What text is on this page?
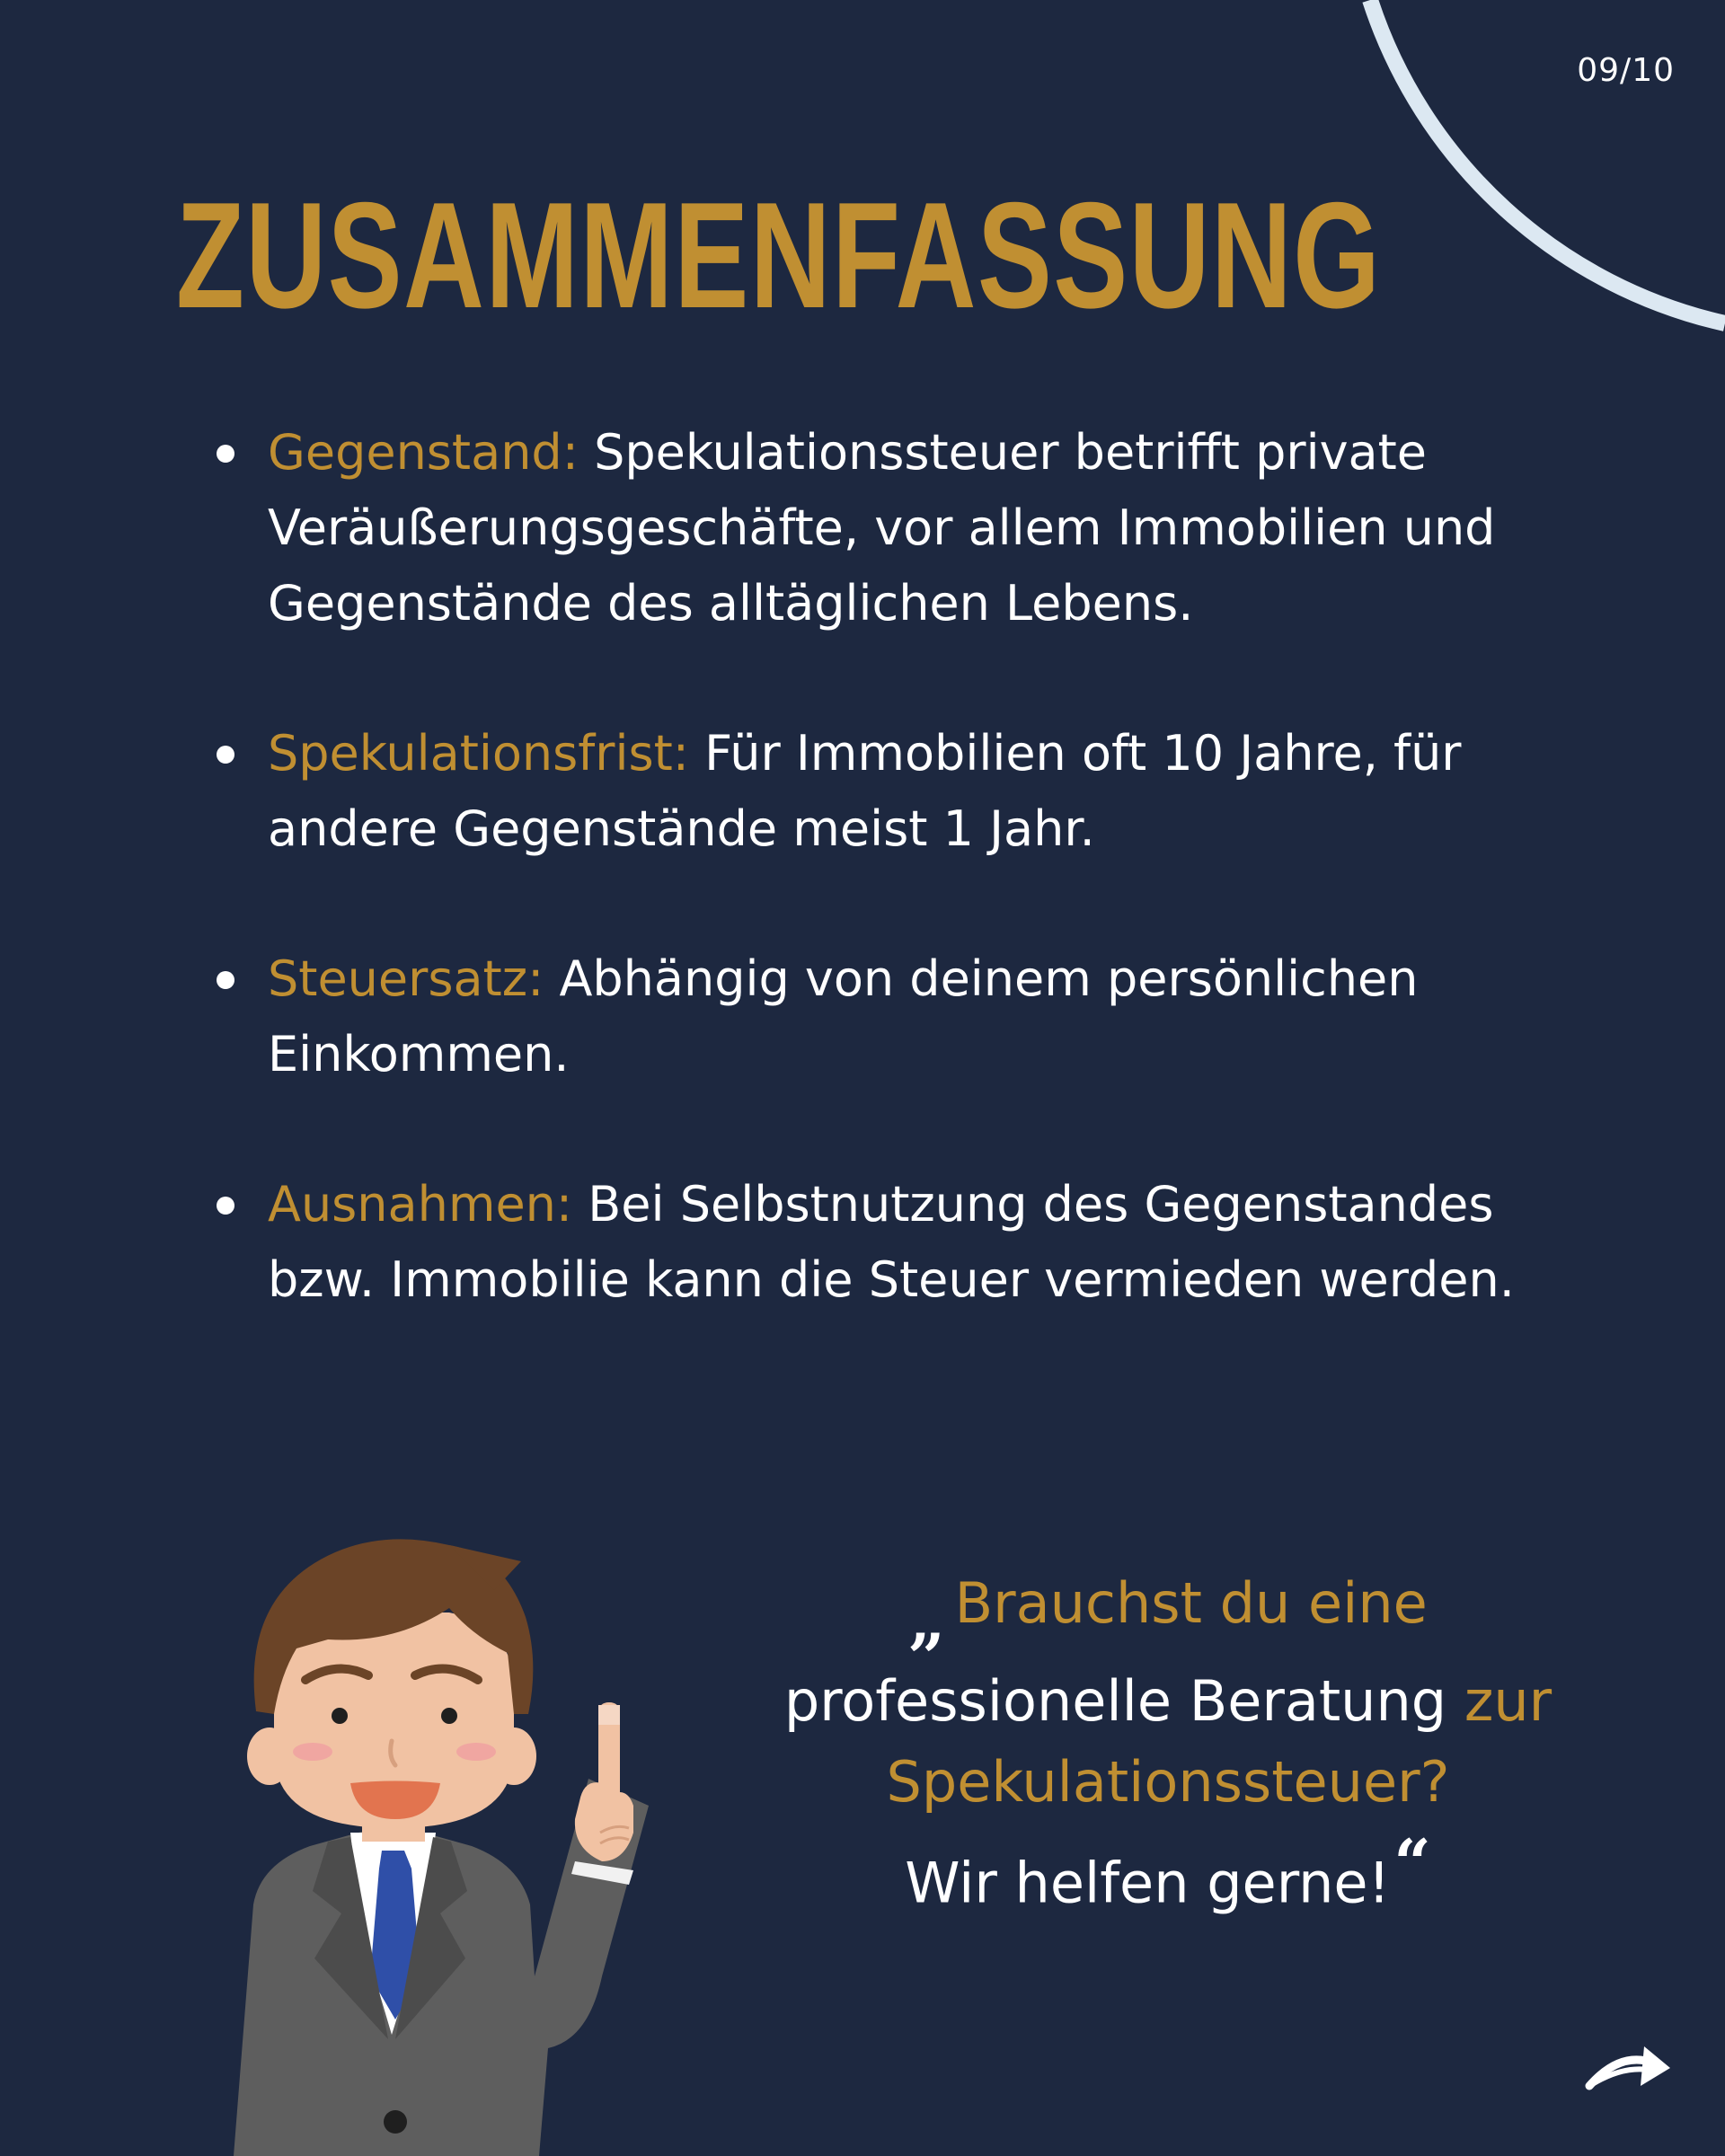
09/10
ZUSAMMENFASSUNG
Gegenstand: Spekulationssteuer betrifft private Veräußerungsgeschäfte, vor allem Immobilien und Gegenstände des alltäglichen Lebens.
Spekulationsfrist: Für Immobilien oft 10 Jahre, für andere Gegenstände meist 1 Jahr.
Steuersatz: Abhängig von deinem persönlichen Einkommen.
Ausnahmen: Bei Selbstnutzung des Gegenstandes bzw. Immobilie kann die Steuer vermieden werden.
„ Brauchst du eine
professionelle Beratung zur
Spekulationssteuer?
Wir helfen gerne!“
